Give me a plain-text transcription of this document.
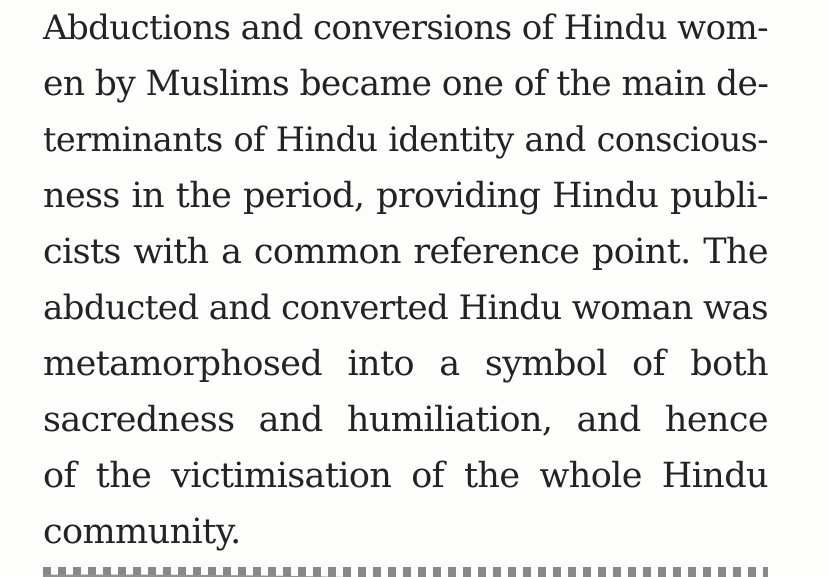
Abductions and conversions of Hindu wom-
en by Muslims became one of the main de-
terminants of Hindu identity and conscious-
ness in the period, providing Hindu publi-
cists with a common reference point. The
abducted and converted Hindu woman was
metamorphosed into a symbol of both
sacredness and humiliation, and hence
of the victimisation of the whole Hindu
community.
